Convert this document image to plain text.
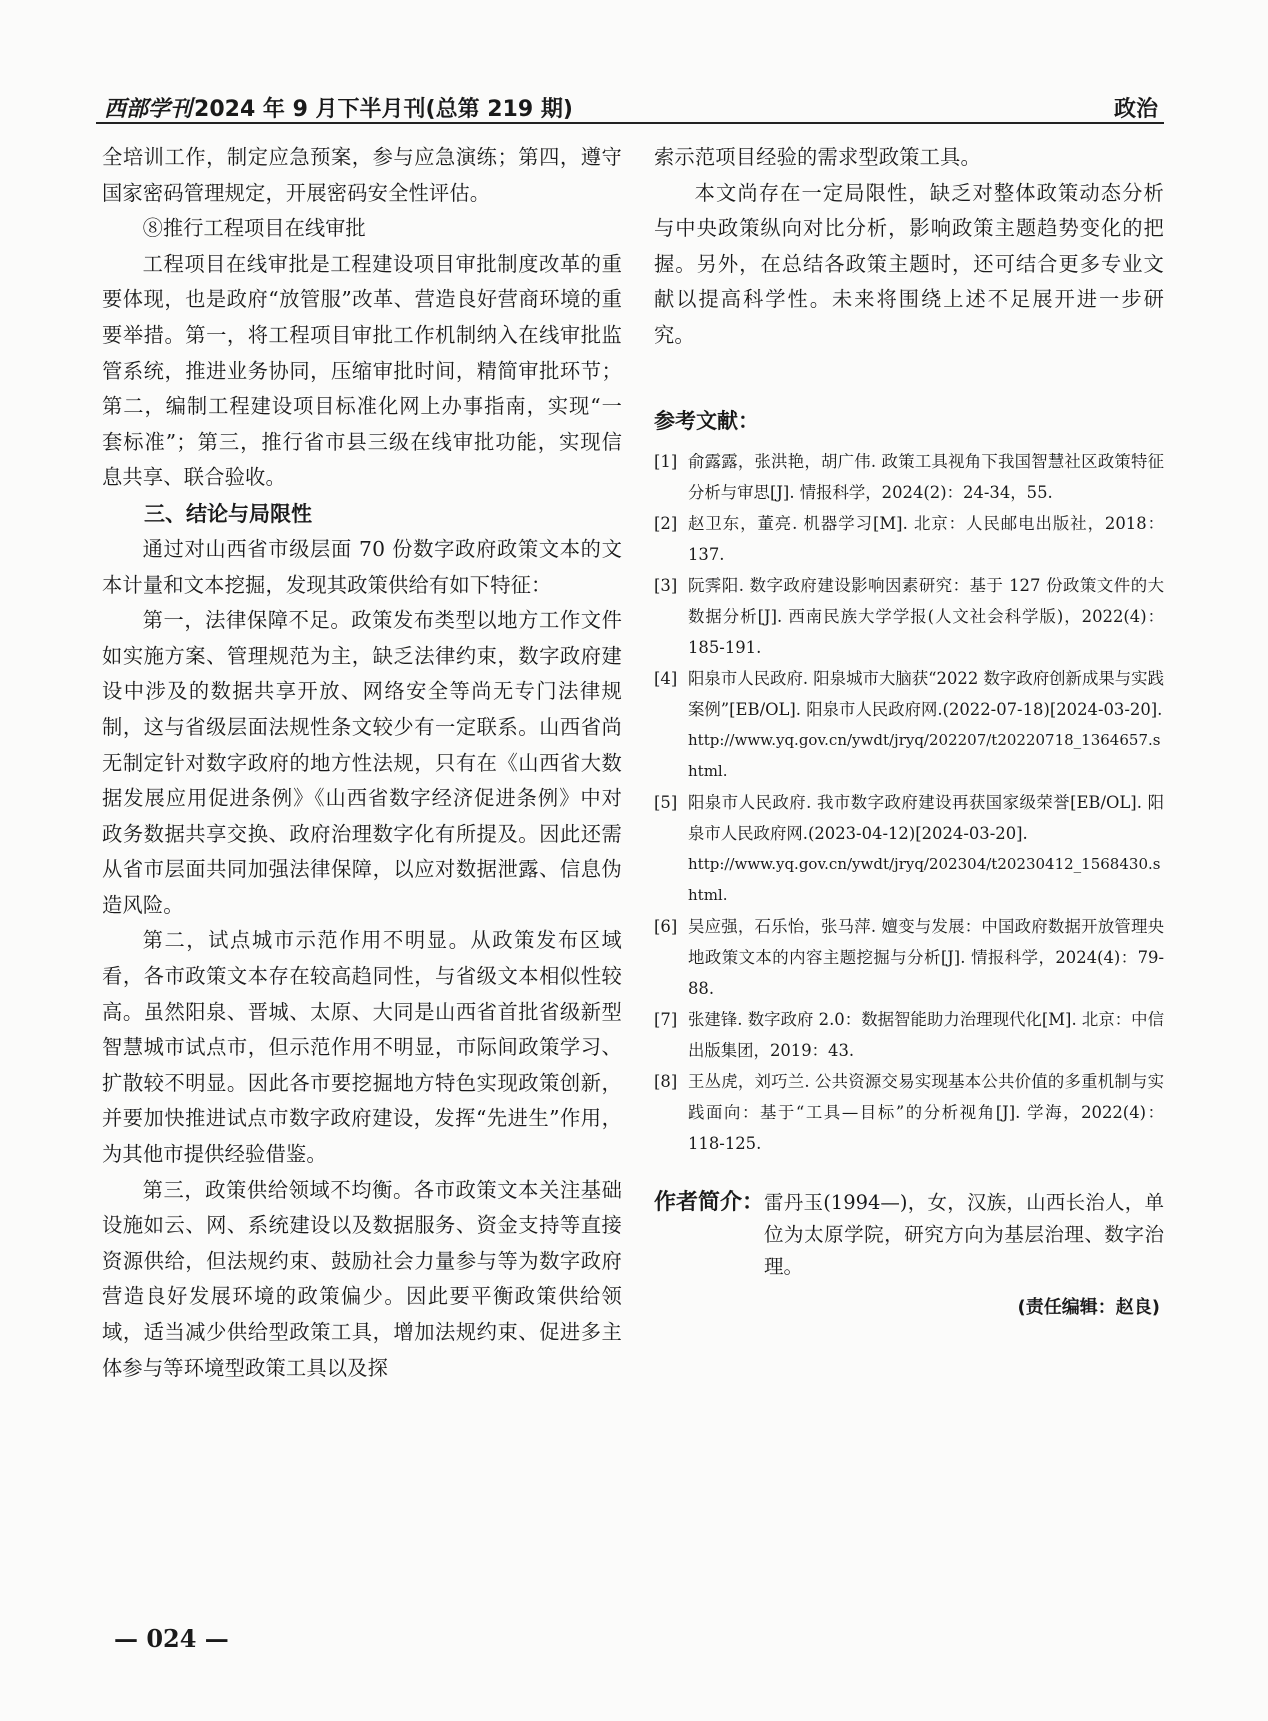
西部学刊2024 年 9 月下半月刊(总第 219 期)	政治

全培训工作，制定应急预案，参与应急演练；第四，遵守国家密码管理规定，开展密码安全性评估。

⑧推行工程项目在线审批

工程项目在线审批是工程建设项目审批制度改革的重要体现，也是政府“放管服”改革、营造良好营商环境的重要举措。第一，将工程项目审批工作机制纳入在线审批监管系统，推进业务协同，压缩审批时间，精简审批环节；第二，编制工程建设项目标准化网上办事指南，实现“一套标准”；第三，推行省市县三级在线审批功能，实现信息共享、联合验收。

三、结论与局限性

通过对山西省市级层面 70 份数字政府政策文本的文本计量和文本挖掘，发现其政策供给有如下特征：

第一，法律保障不足。政策发布类型以地方工作文件如实施方案、管理规范为主，缺乏法律约束，数字政府建设中涉及的数据共享开放、网络安全等尚无专门法律规制，这与省级层面法规性条文较少有一定联系。山西省尚无制定针对数字政府的地方性法规，只有在《山西省大数据发展应用促进条例》《山西省数字经济促进条例》中对政务数据共享交换、政府治理数字化有所提及。因此还需从省市层面共同加强法律保障，以应对数据泄露、信息伪造风险。

第二，试点城市示范作用不明显。从政策发布区域看，各市政策文本存在较高趋同性，与省级文本相似性较高。虽然阳泉、晋城、太原、大同是山西省首批省级新型智慧城市试点市，但示范作用不明显，市际间政策学习、扩散较不明显。因此各市要挖掘地方特色实现政策创新，并要加快推进试点市数字政府建设，发挥“先进生”作用，为其他市提供经验借鉴。

第三，政策供给领域不均衡。各市政策文本关注基础设施如云、网、系统建设以及数据服务、资金支持等直接资源供给，但法规约束、鼓励社会力量参与等为数字政府营造良好发展环境的政策偏少。因此要平衡政策供给领域，适当减少供给型政策工具，增加法规约束、促进多主体参与等环境型政策工具以及探

索示范项目经验的需求型政策工具。

本文尚存在一定局限性，缺乏对整体政策动态分析与中央政策纵向对比分析，影响政策主题趋势变化的把握。另外，在总结各政策主题时，还可结合更多专业文献以提高科学性。未来将围绕上述不足展开进一步研究。

参考文献：
[1] 俞露露，张洪艳，胡广伟. 政策工具视角下我国智慧社区政策特征分析与审思[J]. 情报科学，2024(2)：24-34，55.
[2] 赵卫东，董亮. 机器学习[M]. 北京：人民邮电出版社，2018：137.
[3] 阮霁阳. 数字政府建设影响因素研究：基于 127 份政策文件的大数据分析[J]. 西南民族大学学报(人文社会科学版)，2022(4)：185-191.
[4] 阳泉市人民政府. 阳泉城市大脑获“2022 数字政府创新成果与实践案例”[EB/OL]. 阳泉市人民政府网.(2022-07-18)[2024-03-20].
http://www.yq.gov.cn/ywdt/jryq/202207/t20220718_1364657.shtml.
[5] 阳泉市人民政府. 我市数字政府建设再获国家级荣誉[EB/OL]. 阳泉市人民政府网.(2023-04-12)[2024-03-20].
http://www.yq.gov.cn/ywdt/jryq/202304/t20230412_1568430.shtml.
[6] 吴应强，石乐怡，张马萍. 嬗变与发展：中国政府数据开放管理央地政策文本的内容主题挖掘与分析[J]. 情报科学，2024(4)：79-88.
[7] 张建锋. 数字政府 2.0：数据智能助力治理现代化[M]. 北京：中信出版集团，2019：43.
[8] 王丛虎，刘巧兰. 公共资源交易实现基本公共价值的多重机制与实践面向：基于“工具—目标”的分析视角[J]. 学海，2022(4)：118-125.
作者简介： 雷丹玉(1994—)，女，汉族，山西长治人，单位为太原学院，研究方向为基层治理、数字治理。
(责任编辑：赵良)
— 024 —
